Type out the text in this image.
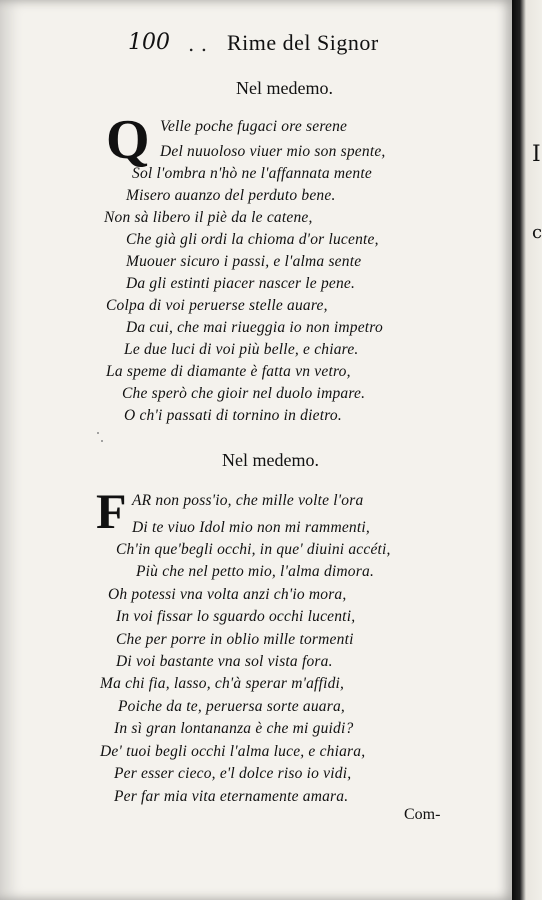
100 . . Rime del Signor
Nel medemo.
Q Velle poche fugaci ore serene
Del nuuoloso viuer mio son spente,
Sol l'ombra n'hò ne l'affannata mente
Misero auanzo del perduto bene.
Non sà libero il piè da le catene,
Che già gli ordi la chioma d'or lucente,
Muouer sicuro i passi, e l'alma sente
Da gli estinti piacer nascer le pene.
Colpa di voi peruerse stelle auare,
Da cui, che mai riueggia io non impetro
Le due luci di voi più belle, e chiare.
La speme di diamante è fatta vn vetro,
Che sperò che gioir nel duolo impare.
O ch'i passati di tornino in dietro.
Nel medemo.
F AR non poss'io, che mille volte l'ora
Di te viuo Idol mio non mi rammenti,
Ch'in que'begli occhi, in que' diuini accéti,
Più che nel petto mio, l'alma dimora.
Oh potessi vna volta anzi ch'io mora,
In voi fissar lo sguardo occhi lucenti,
Che per porre in oblio mille tormenti
Di voi bastante vna sol vista fora.
Ma chi fia, lasso, ch'à sperar m'affidi,
Poiche da te, peruersa sorte auara,
In sì gran lontananza è che mi guidi?
De' tuoi begli occhi l'alma luce, e chiara,
Per esser cieco, e'l dolce riso io vidi,
Per far mia vita eternamente amara.
Com-
I
c
